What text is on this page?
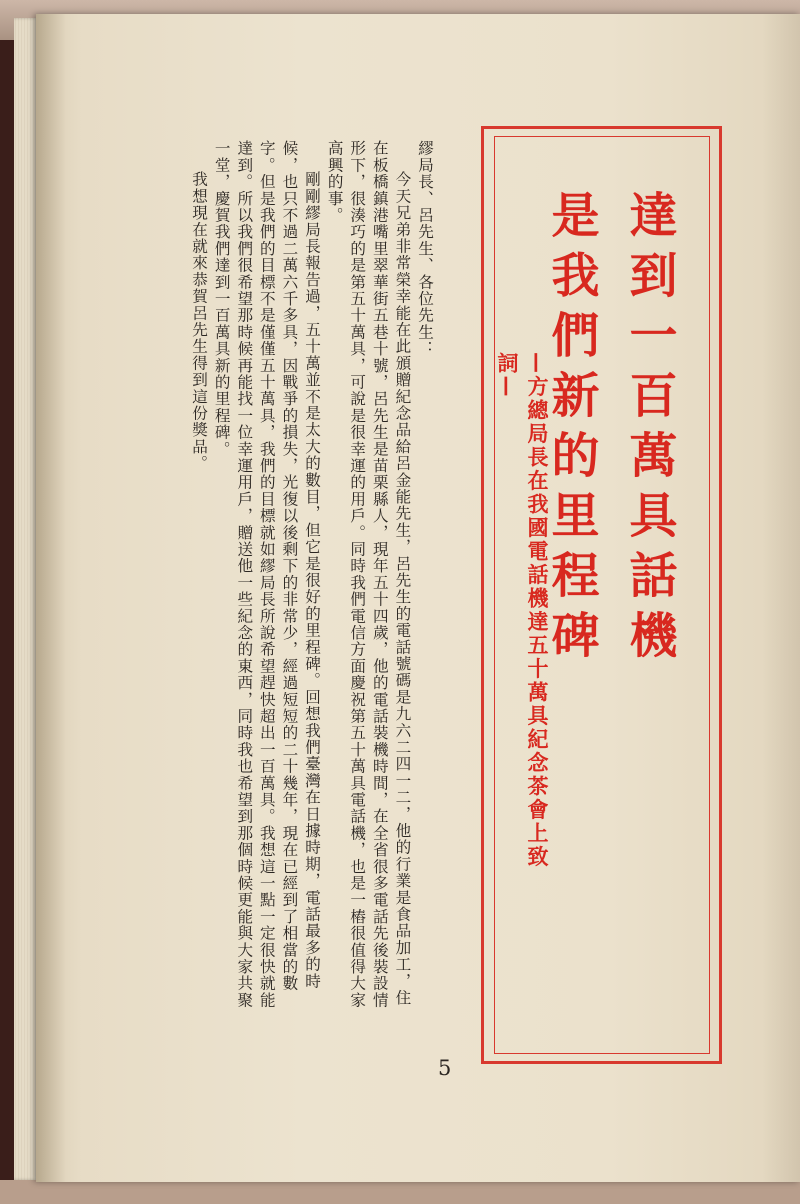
達到一百萬具話機
是我們新的里程碑
—方總局長在我國電話機達五十萬具紀念茶會上致詞—

繆局長、呂先生、各位先生：

今天兄弟非常榮幸能在此頒贈紀念品給呂金能先生，呂先生的電話號碼是九六二四一二，他的行業是食品加工，住在板橋鎮港嘴里翠華街五巷十號，呂先生是苗栗縣人，現年五十四歲，他的電話裝機時間，在全省很多電話先後裝設情形下，很湊巧的是第五十萬具，可說是很幸運的用戶。同時我們電信方面慶祝第五十萬具電話機，也是一樁很值得大家高興的事。

剛剛繆局長報告過，五十萬並不是太大的數目，但它是很好的里程碑。回想我們臺灣在日據時期，電話最多的時候，也只不過二萬六千多具，因戰爭的損失，光復以後剩下的非常少，經過短短的二十幾年，現在已經到了相當的數字。但是我們的目標不是僅僅五十萬具，我們的目標就如繆局長所說希望趕快超出一百萬具。我想這一點一定很快就能達到。所以我們很希望那時候再能找一位幸運用戶，贈送他一些紀念的東西，同時我也希望到那個時候更能與大家共聚一堂，慶賀我們達到一百萬具新的里程碑。

我想現在就來恭賀呂先生得到這份獎品。

5
